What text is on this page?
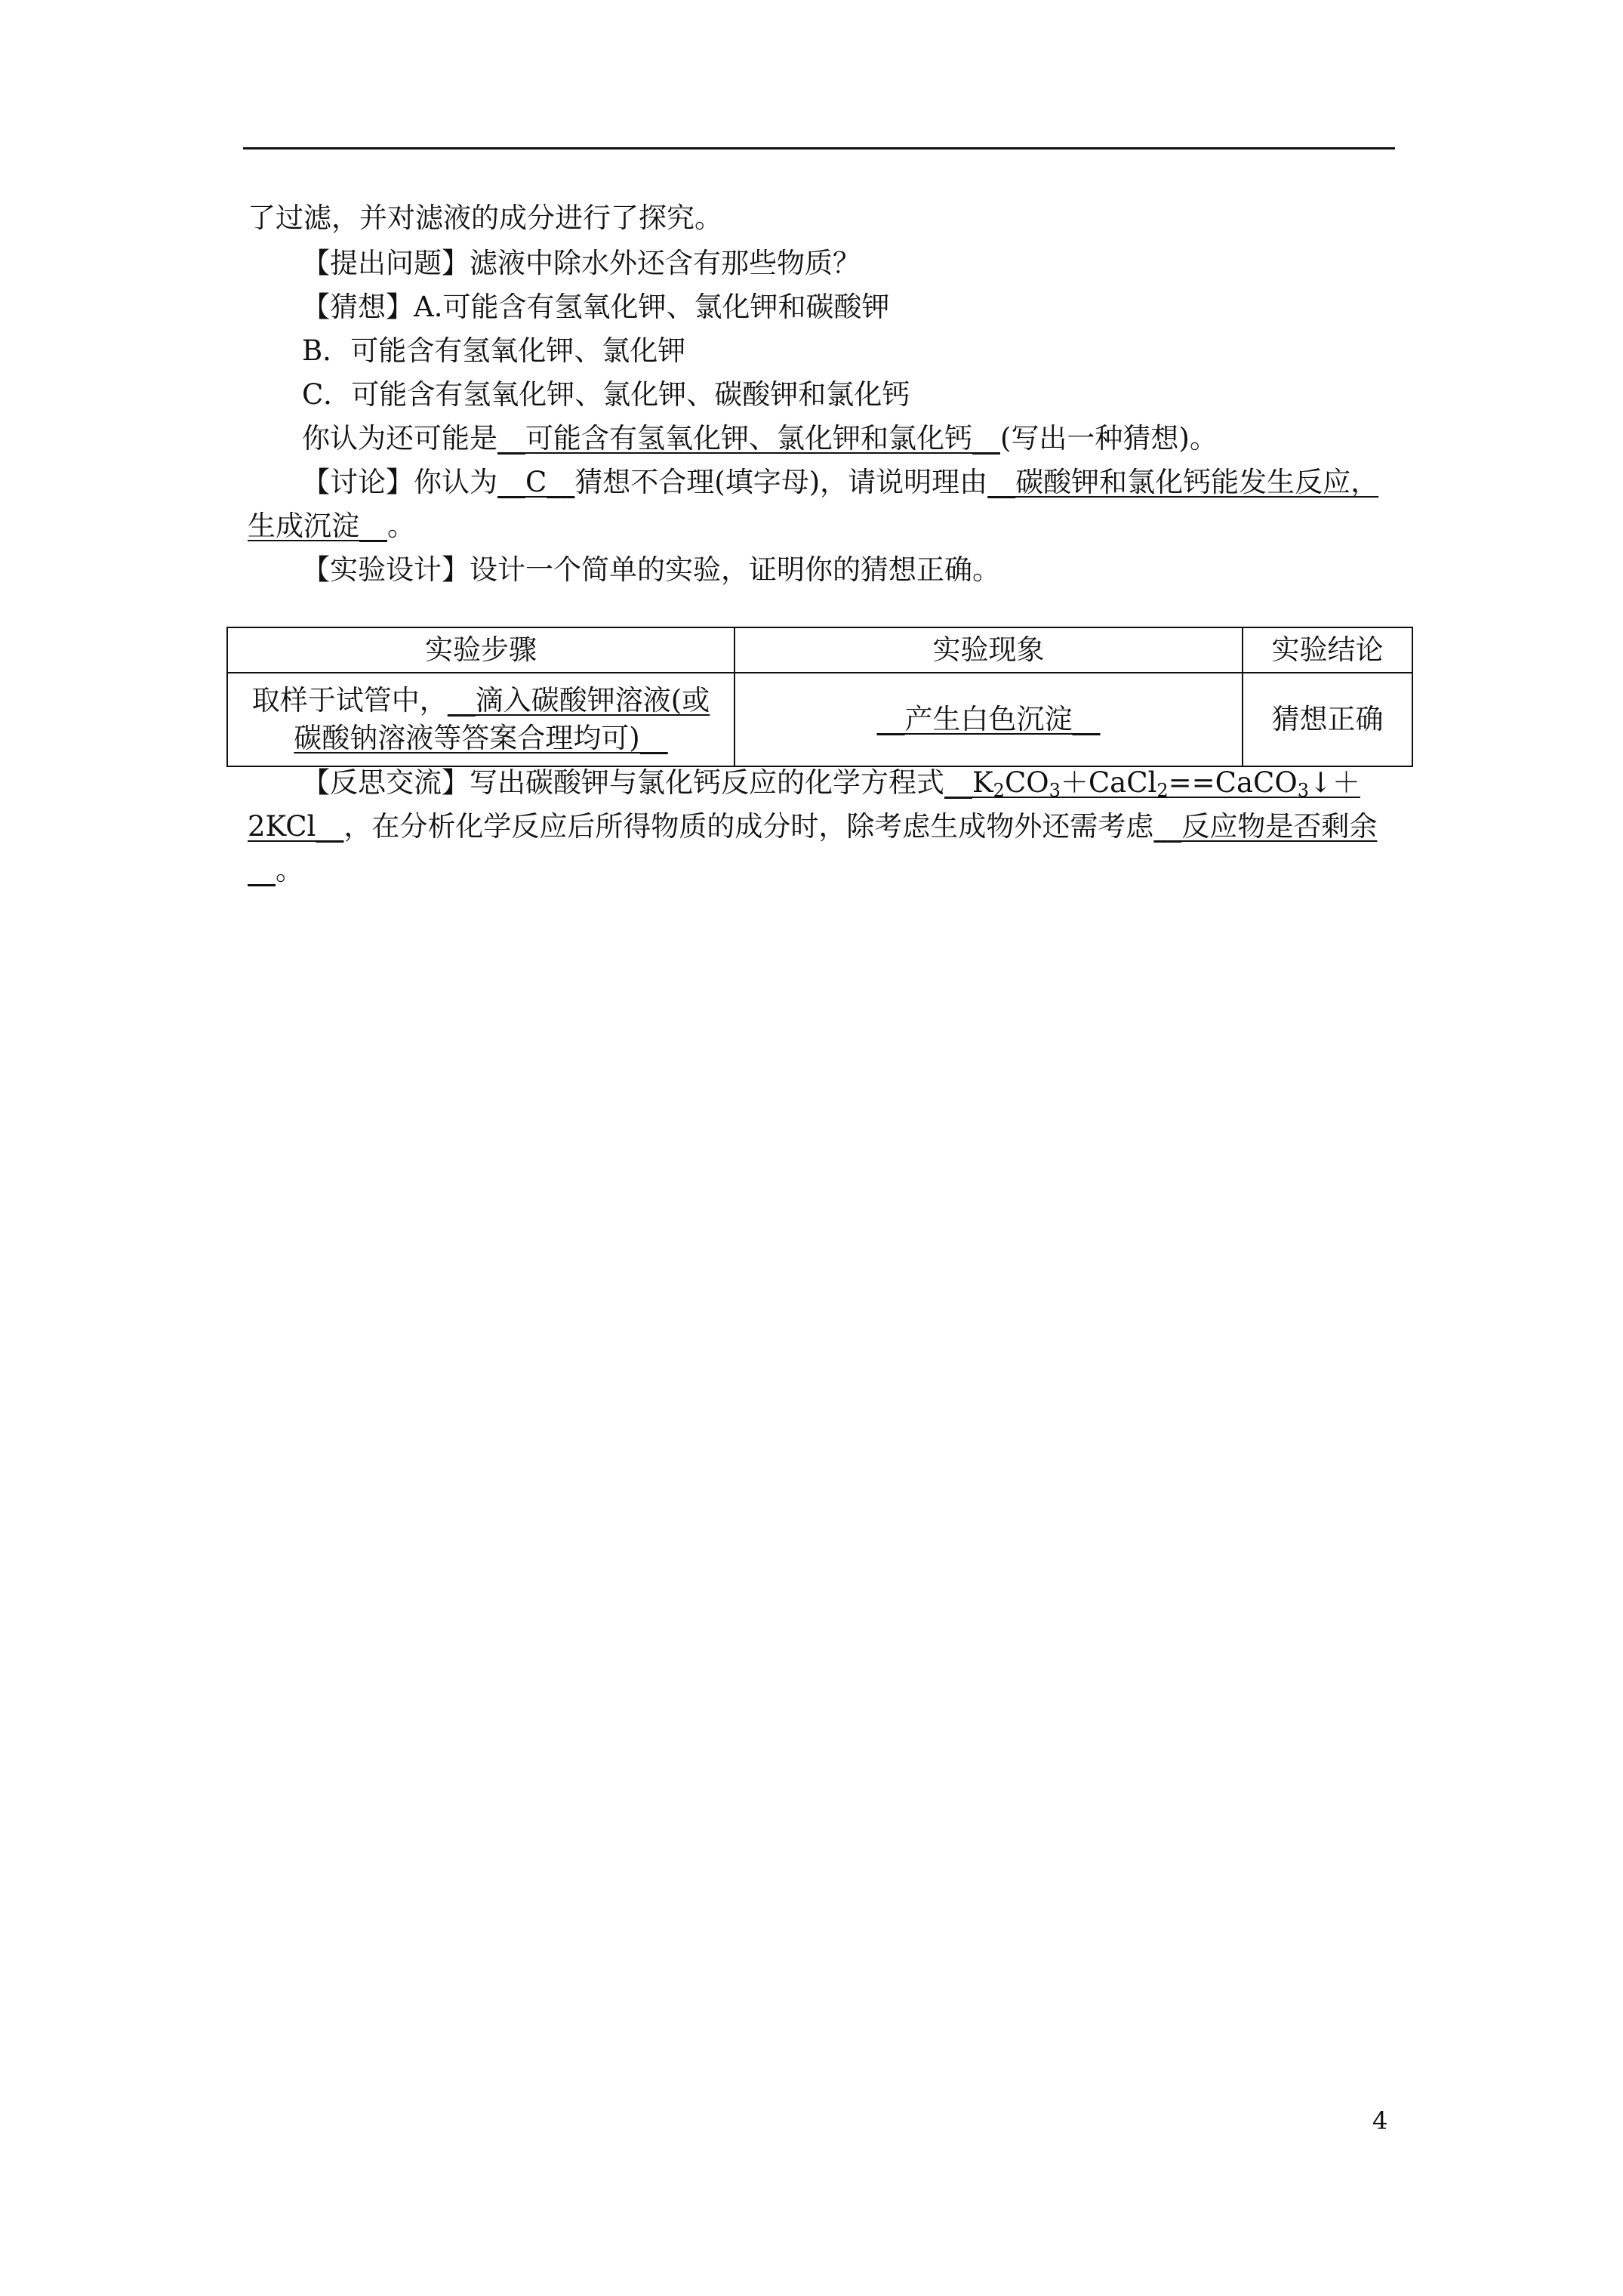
了过滤，并对滤液的成分进行了探究。
【提出问题】滤液中除水外还含有那些物质？
【猜想】A.可能含有氢氧化钾、氯化钾和碳酸钾
B．可能含有氢氧化钾、氯化钾
C．可能含有氢氧化钾、氯化钾、碳酸钾和氯化钙
你认为还可能是__可能含有氢氧化钾、氯化钾和氯化钙__(写出一种猜想)。
【讨论】你认为__C__猜想不合理(填字母)，请说明理由__碳酸钾和氯化钙能发生反应，
生成沉淀__。
【实验设计】设计一个简单的实验，证明你的猜想正确。
实验步骤	实验现象	实验结论
取样于试管中，__滴入碳酸钾溶液(或
碳酸钠溶液等答案合理均可)__	__产生白色沉淀__	猜想正确
【反思交流】写出碳酸钾与氯化钙反应的化学方程式$\_\_K_2CO_3+CaCl_2==CaCO_3↓+$
2KCl__，在分析化学反应后所得物质的成分时，除考虑生成物外还需考虑__反应物是否剩余
__。
4
